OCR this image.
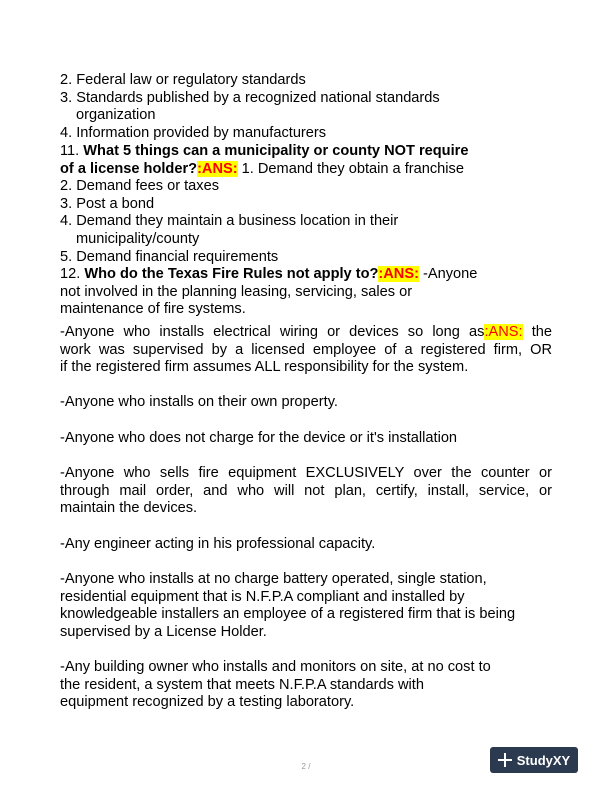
2. Federal law or regulatory standards
3. Standards published by a recognized national standards
organization
4. Information provided by manufacturers
11. What 5 things can a municipality or county NOT require
of a license holder?:ANS: 1. Demand they obtain a franchise
2. Demand fees or taxes
3. Post a bond
4. Demand they maintain a business location in their
municipality/county
5. Demand financial requirements
12. Who do the Texas Fire Rules not apply to?:ANS: -Anyone
not involved in the planning leasing, servicing, sales or
maintenance of fire systems.
-Anyone who installs electrical wiring or devices so long as:ANS: the
work was supervised by a licensed employee of a registered firm, OR
if the registered firm assumes ALL responsibility for the system.
-Anyone who installs on their own property.
-Anyone who does not charge for the device or it's installation
-Anyone who sells fire equipment EXCLUSIVELY over the counter or
through mail order, and who will not plan, certify, install, service, or
maintain the devices.
-Any engineer acting in his professional capacity.
-Anyone who installs at no charge battery operated, single station,
residential equipment that is N.F.P.A compliant and installed by
knowledgeable installers an employee of a registered firm that is being
supervised by a License Holder.
-Any building owner who installs and monitors on site, at no cost to
the resident, a system that meets N.F.P.A standards with
equipment recognized by a testing laboratory.
2 /	StudyXY
